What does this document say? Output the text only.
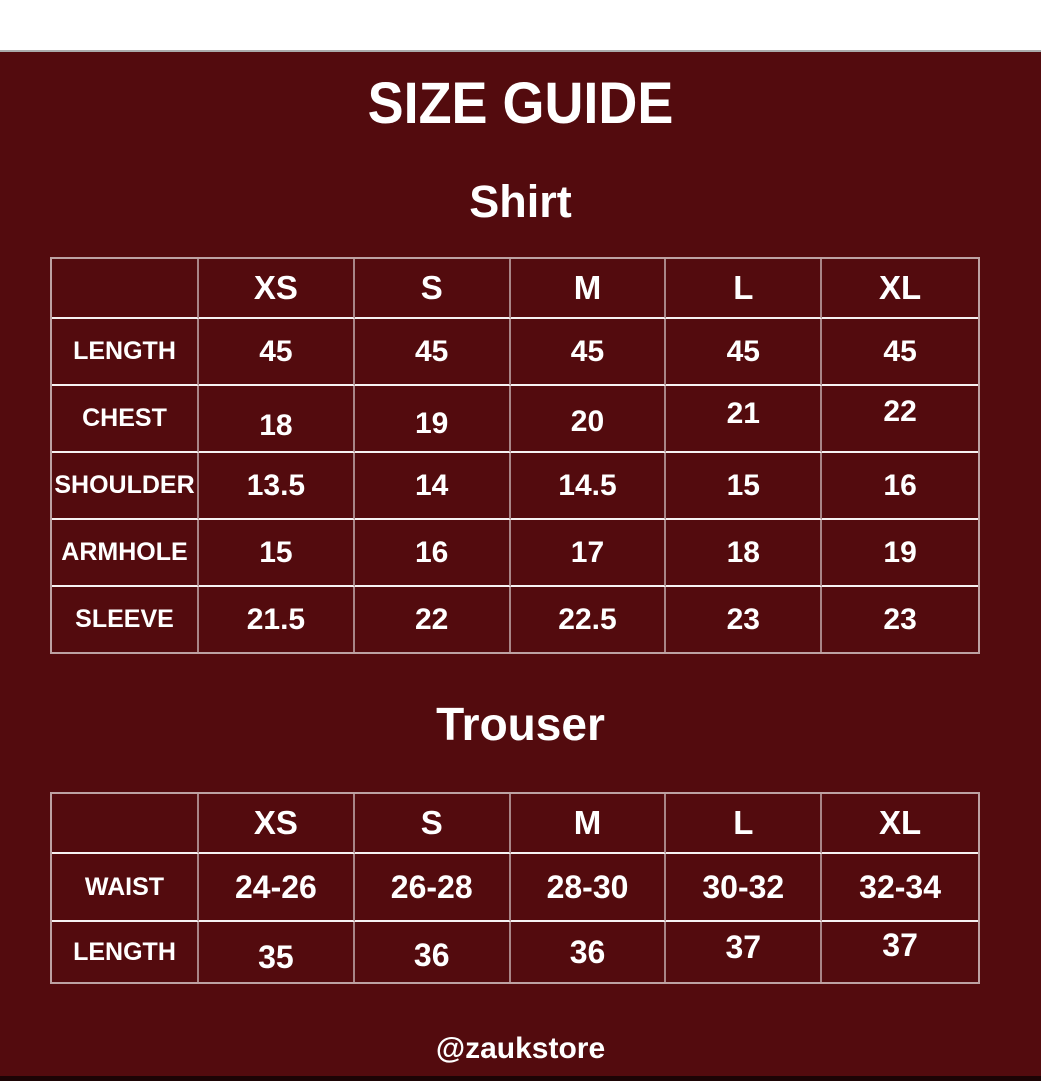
SIZE GUIDE
Shirt
	XS	S	M	L	XL
LENGTH	45	45	45	45	45
CHEST	18	19	20	21	22
SHOULDER	13.5	14	14.5	15	16
ARMHOLE	15	16	17	18	19
SLEEVE	21.5	22	22.5	23	23
Trouser
	XS	S	M	L	XL
WAIST	24-26	26-28	28-30	30-32	32-34
LENGTH	35	36	36	37	37
@zaukstore
